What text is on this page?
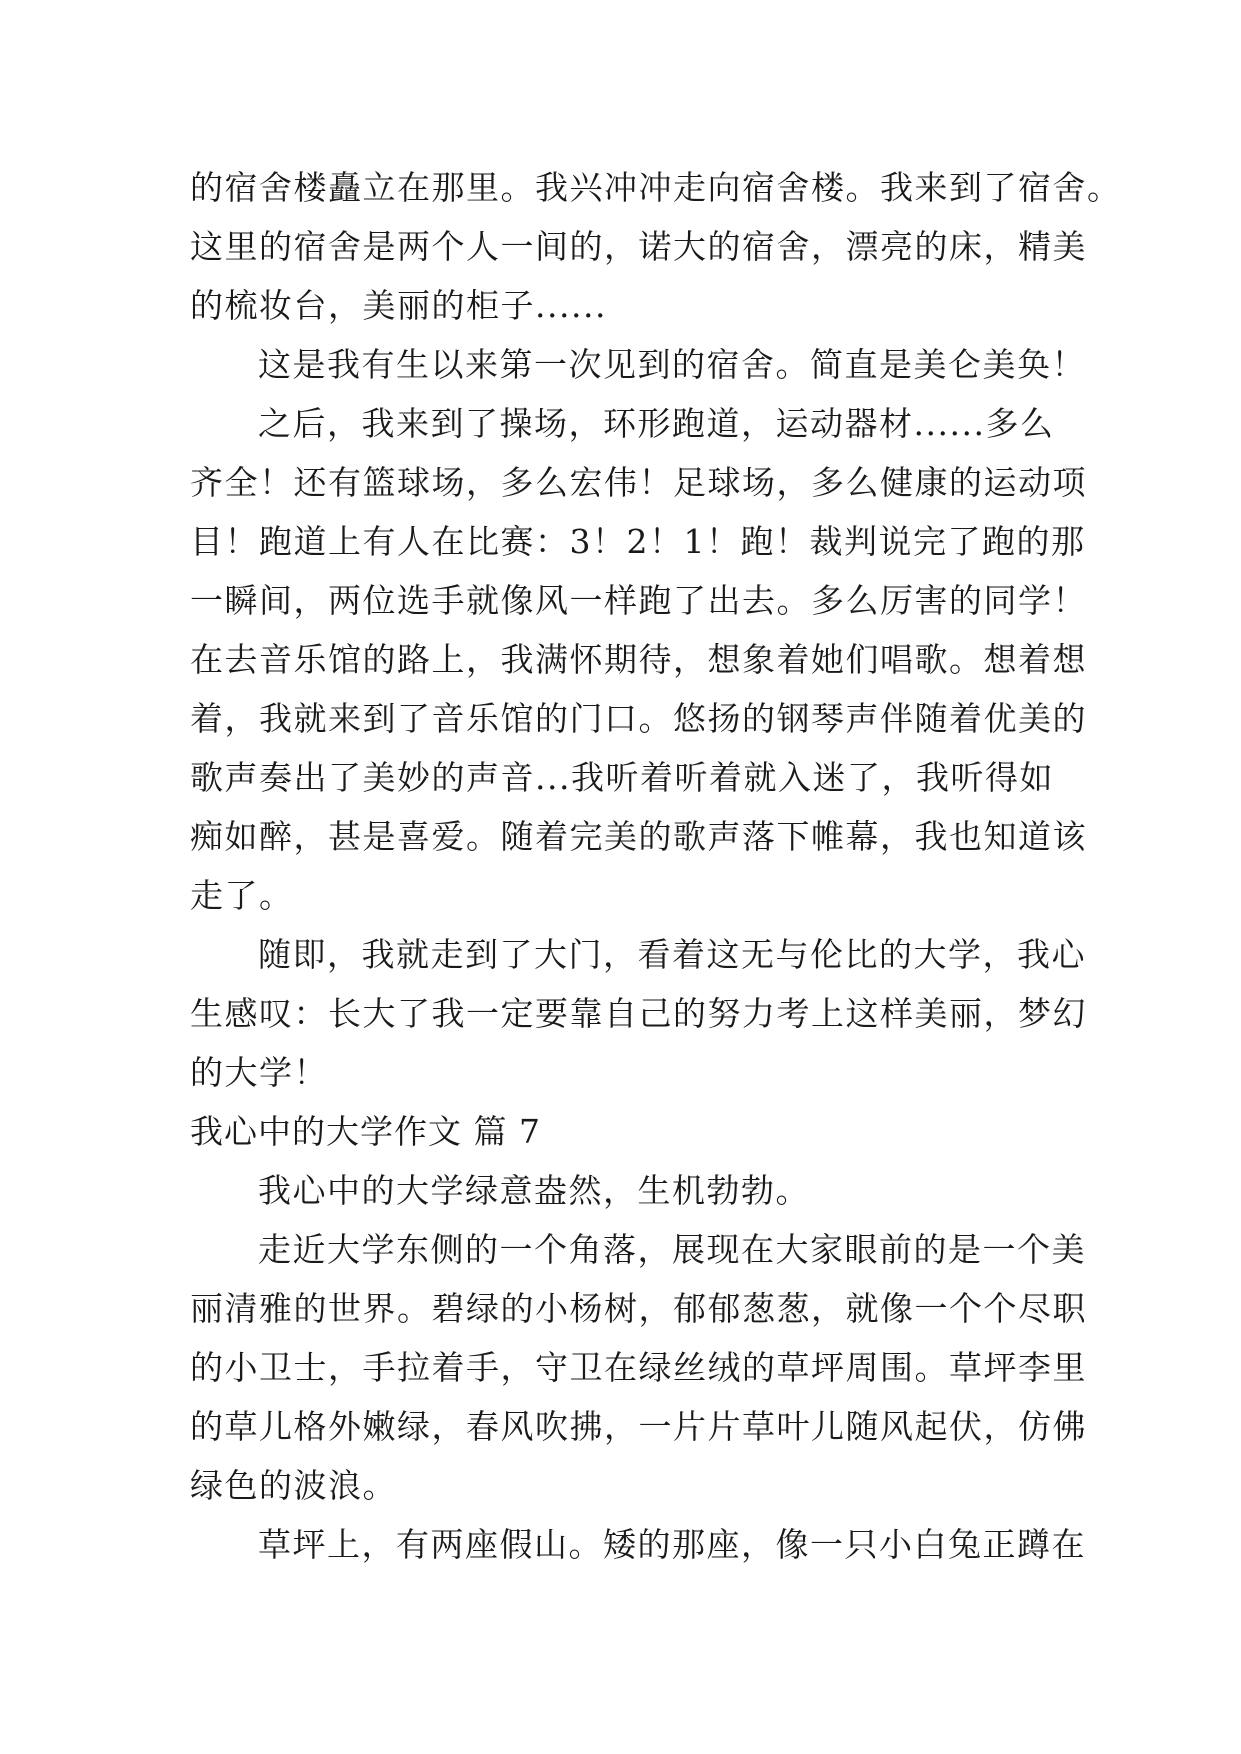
的宿舍楼矗立在那里。我兴冲冲走向宿舍楼。我来到了宿舍。
这里的宿舍是两个人一间的，诺大的宿舍，漂亮的床，精美
的梳妆台，美丽的柜子......
这是我有生以来第一次见到的宿舍。简直是美仑美奂！
之后，我来到了操场，环形跑道，运动器材......多么
齐全！还有篮球场，多么宏伟！足球场，多么健康的运动项
目！跑道上有人在比赛：3！2！1！跑！裁判说完了跑的那
一瞬间，两位选手就像风一样跑了出去。多么厉害的同学！
在去音乐馆的路上，我满怀期待，想象着她们唱歌。想着想
着，我就来到了音乐馆的门口。悠扬的钢琴声伴随着优美的
歌声奏出了美妙的声音...我听着听着就入迷了，我听得如
痴如醉，甚是喜爱。随着完美的歌声落下帷幕，我也知道该
走了。
随即，我就走到了大门，看着这无与伦比的大学，我心
生感叹：长大了我一定要靠自己的努力考上这样美丽，梦幻
的大学！
我心中的大学作文 篇 7
我心中的大学绿意盎然，生机勃勃。
走近大学东侧的一个角落，展现在大家眼前的是一个美
丽清雅的世界。碧绿的小杨树，郁郁葱葱，就像一个个尽职
的小卫士，手拉着手，守卫在绿丝绒的草坪周围。草坪李里
的草儿格外嫩绿，春风吹拂，一片片草叶儿随风起伏，仿佛
绿色的波浪。
草坪上，有两座假山。矮的那座，像一只小白兔正蹲在
